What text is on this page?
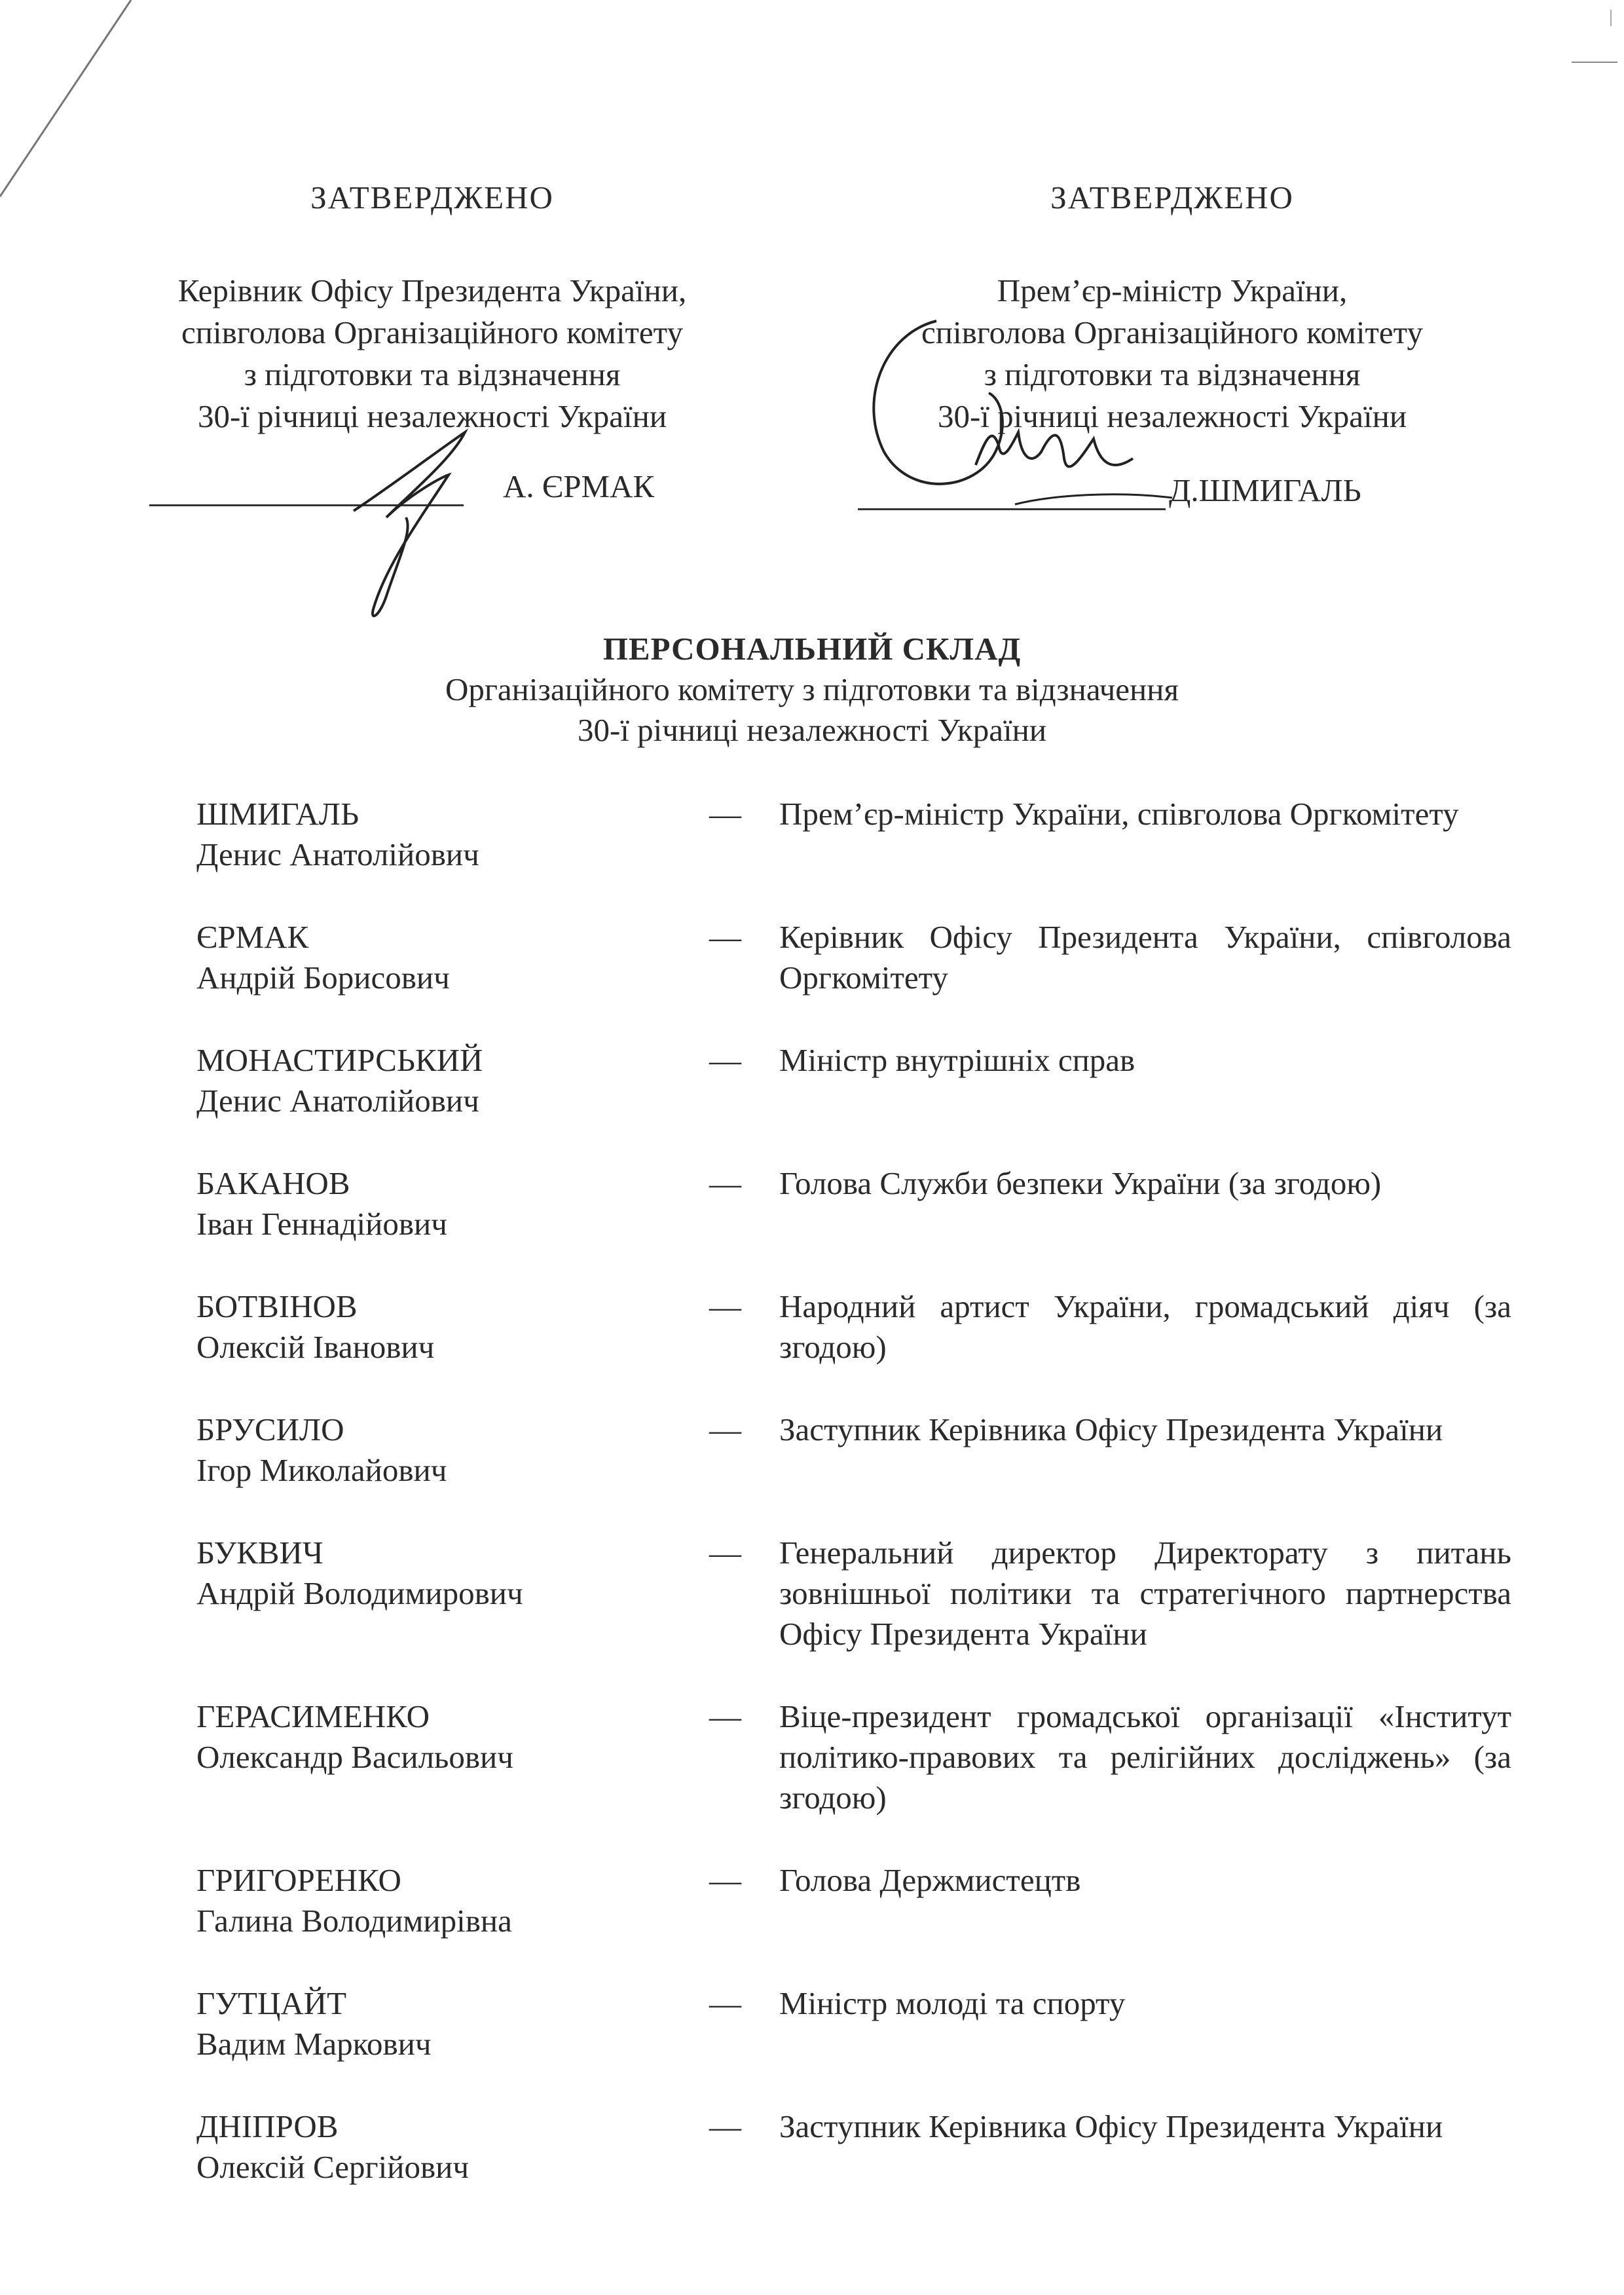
ЗАТВЕРДЖЕНО
Керівник Офісу Президента України,
співголова Організаційного комітету
з підготовки та відзначення
30-ї річниці незалежності України
А. ЄРМАК
ЗАТВЕРДЖЕНО
Прем’єр-міністр України,
співголова Організаційного комітету
з підготовки та відзначення
30-ї річниці незалежності України
Д.ШМИГАЛЬ
ПЕРСОНАЛЬНИЙ СКЛАД
Організаційного комітету з підготовки та відзначення
30-ї річниці незалежності України
ШМИГАЛЬ
Денис Анатолійович
— Прем’єр-міністр України, співголова Оргкомітету
ЄРМАК
Андрій Борисович
— Керівник Офісу Президента України, співголова Оргкомітету
МОНАСТИРСЬКИЙ
Денис Анатолійович
— Міністр внутрішніх справ
БАКАНОВ
Іван Геннадійович
— Голова Служби безпеки України (за згодою)
БОТВІНОВ
Олексій Іванович
— Народний артист України, громадський діяч (за згодою)
БРУСИЛО
Ігор Миколайович
— Заступник Керівника Офісу Президента України
БУКВИЧ
Андрій Володимирович
— Генеральний директор Директорату з питань зовнішньої політики та стратегічного партнерства Офісу Президента України
ГЕРАСИМЕНКО
Олександр Васильович
— Віце-президент громадської організації «Інститут політико-правових та релігійних досліджень» (за згодою)
ГРИГОРЕНКО
Галина Володимирівна
— Голова Держмистецтв
ГУТЦАЙТ
Вадим Маркович
— Міністр молоді та спорту
ДНІПРОВ
Олексій Сергійович
— Заступник Керівника Офісу Президента України
